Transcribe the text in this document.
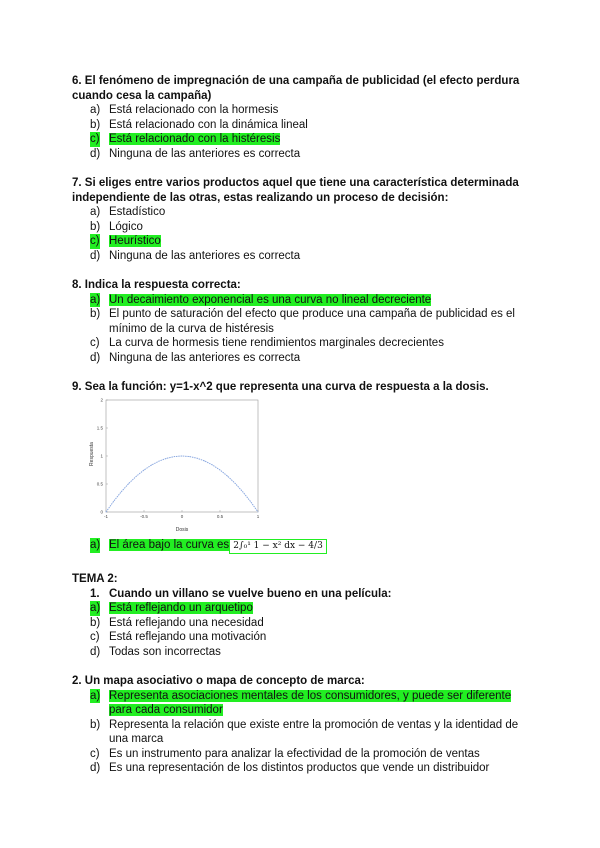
6. El fenómeno de impregnación de una campaña de publicidad (el efecto perdura cuando cesa la campaña)
a) Está relacionado con la hormesis
b) Está relacionado con la dinámica lineal
c) Está relacionado con la histéresis
d) Ninguna de las anteriores es correcta
7. Si eliges entre varios productos aquel que tiene una característica determinada independiente de las otras, estas realizando un proceso de decisión:
a) Estadístico
b) Lógico
c) Heurístico
d) Ninguna de las anteriores es correcta
8. Indica la respuesta correcta:
a) Un decaimiento exponencial es una curva no lineal decreciente
b) El punto de saturación del efecto que produce una campaña de publicidad es el mínimo de la curva de histéresis
c) La curva de hormesis tiene rendimientos marginales decrecientes
d) Ninguna de las anteriores es correcta
9. Sea la función: y=1-x^2 que representa una curva de respuesta a la dosis.
-1	-0.5	0	0.5	1
0
0.5
1
1.5
2
Dosis
Respuesta
a) El área bajo la curva es 2∫₀¹ 1 − x² dx − 4/3
TEMA 2:
1. Cuando un villano se vuelve bueno en una película:
a) Está reflejando un arquetipo
b) Está reflejando una necesidad
c) Está reflejando una motivación
d) Todas son incorrectas
2. Un mapa asociativo o mapa de concepto de marca:
a) Representa asociaciones mentales de los consumidores, y puede ser diferente para cada consumidor
b) Representa la relación que existe entre la promoción de ventas y la identidad de una marca
c) Es un instrumento para analizar la efectividad de la promoción de ventas
d) Es una representación de los distintos productos que vende un distribuidor
